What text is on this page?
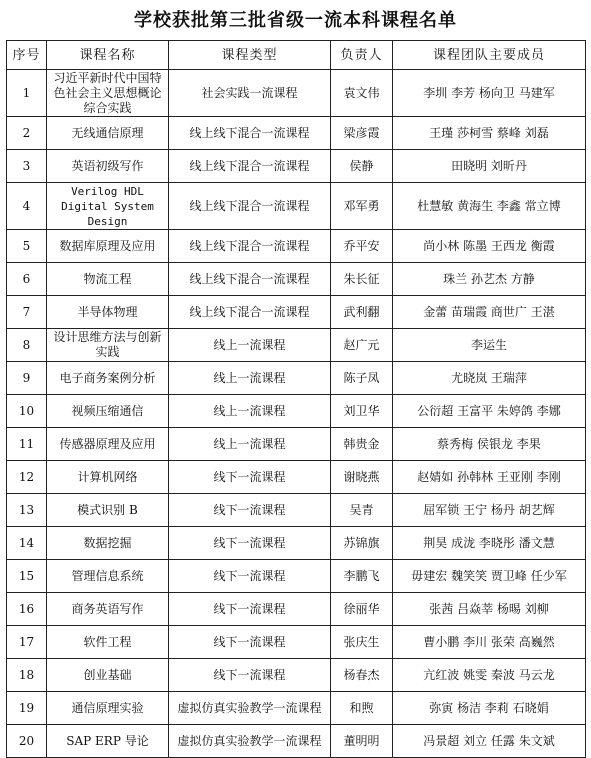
学校获批第三批省级一流本科课程名单
序号	课程名称	课程类型	负责人	课程团队主要成员
1	习近平新时代中国特色社会主义思想概论综合实践	社会实践一流课程	袁文伟	李圳 李芳 杨向卫 马建军
2	无线通信原理	线上线下混合一流课程	梁彦霞	王瑾 莎柯雪 蔡峰 刘磊
3	英语初级写作	线上线下混合一流课程	侯静	田晓明 刘昕丹
4	Verilog HDL Digital System Design	线上线下混合一流课程	邓军勇	杜慧敏 黄海生 李鑫 常立博
5	数据库原理及应用	线上线下混合一流课程	乔平安	尚小林 陈墨 王西龙 衡霞
6	物流工程	线上线下混合一流课程	朱长征	珠兰 孙艺杰 方静
7	半导体物理	线上线下混合一流课程	武利翻	金蕾 苗瑞霞 商世广 王湛
8	设计思维方法与创新实践	线上一流课程	赵广元	李运生
9	电子商务案例分析	线上一流课程	陈子凤	尤晓岚 王瑞萍
10	视频压缩通信	线上一流课程	刘卫华	公衍超 王富平 朱婷鸽 李娜
11	传感器原理及应用	线上一流课程	韩贵金	蔡秀梅 侯银龙 李果
12	计算机网络	线下一流课程	谢晓燕	赵婧如 孙韩林 王亚刚 李刚
13	模式识别 B	线下一流课程	吴青	屈军锁 王宁 杨丹 胡艺辉
14	数据挖掘	线下一流课程	苏锦旗	荆昊 成泷 李晓彤 潘文慧
15	管理信息系统	线下一流课程	李鹏飞	毋建宏 魏笑笑 贾卫峰 任少军
16	商务英语写作	线下一流课程	徐丽华	张茜 吕焱莘 杨晹 刘柳
17	软件工程	线下一流课程	张庆生	曹小鹏 李川 张荣 高巍然
18	创业基础	线下一流课程	杨春杰	亢红波 姚雯 秦波 马云龙
19	通信原理实验	虚拟仿真实验教学一流课程	和煦	弥寅 杨洁 李莉 石晓娟
20	SAP ERP 导论	虚拟仿真实验教学一流课程	董明明	冯景超 刘立 任露 朱文斌
